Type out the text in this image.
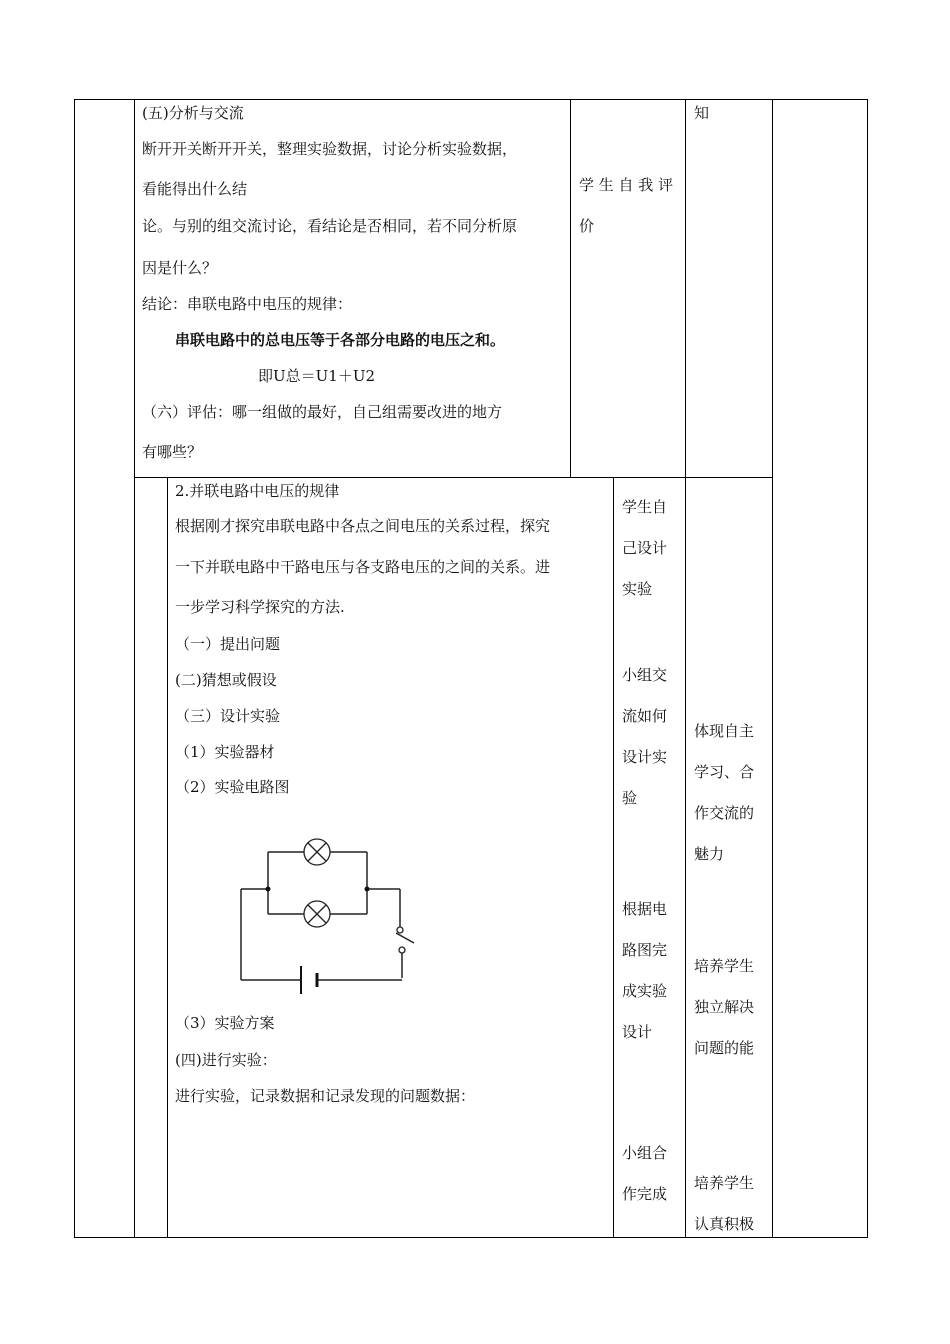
(五)分析与交流
断开开关断开开关，整理实验数据，讨论分析实验数据，
看能得出什么结
论。与别的组交流讨论，看结论是否相同，若不同分析原
因是什么？
结论：串联电路中电压的规律：
串联电路中的总电压等于各部分电路的电压之和。
即U总＝U1＋U2
（六）评估：哪一组做的最好，自己组需要改进的地方
有哪些？
学 生 自 我 评 价
知
2.并联电路中电压的规律
根据刚才探究串联电路中各点之间电压的关系过程，探究
一下并联电路中干路电压与各支路电压的之间的关系。进
一步学习科学探究的方法.
（一）提出问题
(二)猜想或假设
（三）设计实验
（1）实验器材
（2）实验电路图
（3）实验方案
(四)进行实验：
进行实验，记录数据和记录发现的问题数据：
学生自己设计实验
小组交流如何设计实验
根据电路图完成实验设计
小组合作完成
体现自主学习、合作交流的魅力
培养学生独立解决问题的能
培养学生认真积极
